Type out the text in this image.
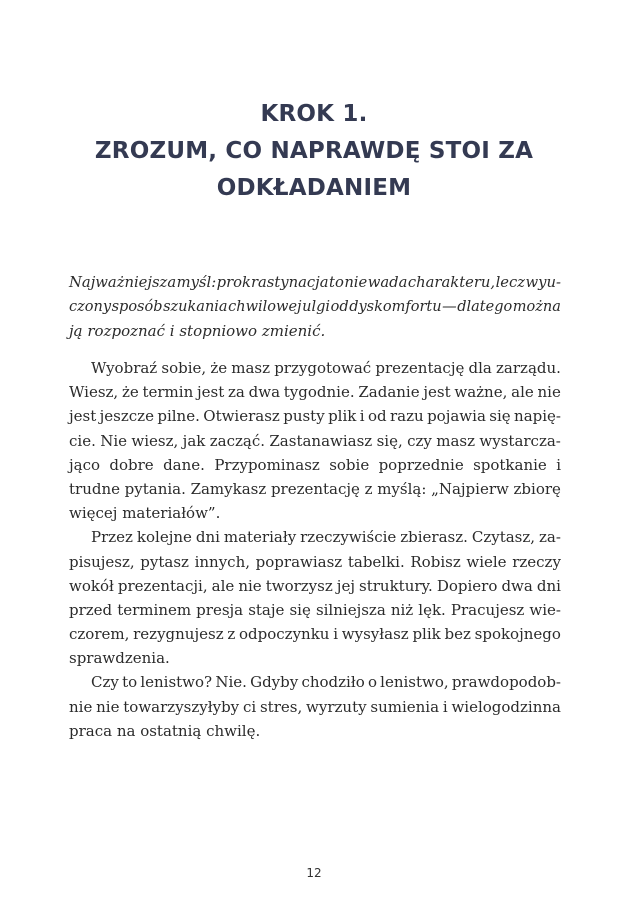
KROK 1.
ZROZUM, CO NAPRAWDĘ STOI ZA
ODKŁADANIEM
Najważniejsza myśl: prokrastynacja to nie wada charakteru, lecz wyu-
czony sposób szukania chwilowej ulgi od dyskomfortu — dlatego można
ją rozpoznać i stopniowo zmienić.
Wyobraź sobie, że masz przygotować prezentację dla zarządu.
Wiesz, że termin jest za dwa tygodnie. Zadanie jest ważne, ale nie
jest jeszcze pilne. Otwierasz pusty plik i od razu pojawia się napię-
cie. Nie wiesz, jak zacząć. Zastanawiasz się, czy masz wystarcza-
jąco dobre dane. Przypominasz sobie poprzednie spotkanie i
trudne pytania. Zamykasz prezentację z myślą: „Najpierw zbiorę
więcej materiałów”.
Przez kolejne dni materiały rzeczywiście zbierasz. Czytasz, za-
pisujesz, pytasz innych, poprawiasz tabelki. Robisz wiele rzeczy
wokół prezentacji, ale nie tworzysz jej struktury. Dopiero dwa dni
przed terminem presja staje się silniejsza niż lęk. Pracujesz wie-
czorem, rezygnujesz z odpoczynku i wysyłasz plik bez spokojnego
sprawdzenia.
Czy to lenistwo? Nie. Gdyby chodziło o lenistwo, prawdopodob-
nie nie towarzyszyłyby ci stres, wyrzuty sumienia i wielogodzinna
praca na ostatnią chwilę.
12
